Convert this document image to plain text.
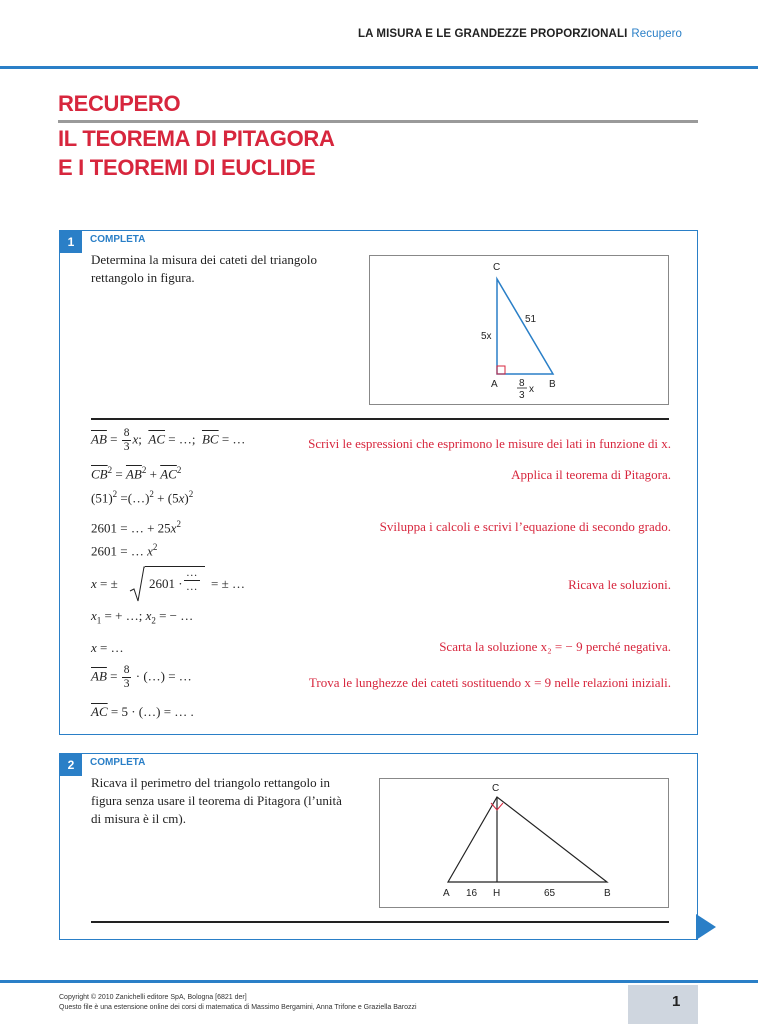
LA MISURA E LE GRANDEZZE PROPORZIONALI Recupero
RECUPERO
IL TEOREMA DI PITAGORA
E I TEOREMI DI EUCLIDE
1	COMPLETA
Determina la misura dei cateti del triangolo
rettangolo in figura.
C
A	B
51
5x
8
3
x
$\overline{AB} = \frac{8}{3} x$;  $\overline{AC}$ = …;  $\overline{BC}$ = …	Scrivi le espressioni che esprimono le misure dei lati in funzione di x.
$\overline{CB}^2 = \overline{AB}^2 + \overline{AC}^2$	Applica il teorema di Pitagora.
$(51)^2$ =(…)$^2$ + $(5x)^2$
2601 = … + $25x^2$	Sviluppa i calcoli e scrivi l’equazione di secondo grado.
2601 = … $x^2$
x = ± 2601 ·
…
… = ± …	Ricava le soluzioni.
$x_1$ = + …; $x_2$ = − …
x = …	Scarta la soluzione x₂ = − 9 perché negativa.
$\overline{AB} = \frac{8}{3}$ · (…) = …	Trova le lunghezze dei cateti sostituendo x = 9 nelle relazioni iniziali.
$\overline{AC} = 5$ · (…) = … .
2	COMPLETA
Ricava il perimetro del triangolo rettangolo in
figura senza usare il teorema di Pitagora (l’unità
di misura è il cm).
C
A 16 H	65	B
Copyright © 2010 Zanichelli editore SpA, Bologna [6821 der]
Questo file è una estensione online dei corsi di matematica di Massimo Bergamini, Anna Trifone e Graziella Barozzi	1
